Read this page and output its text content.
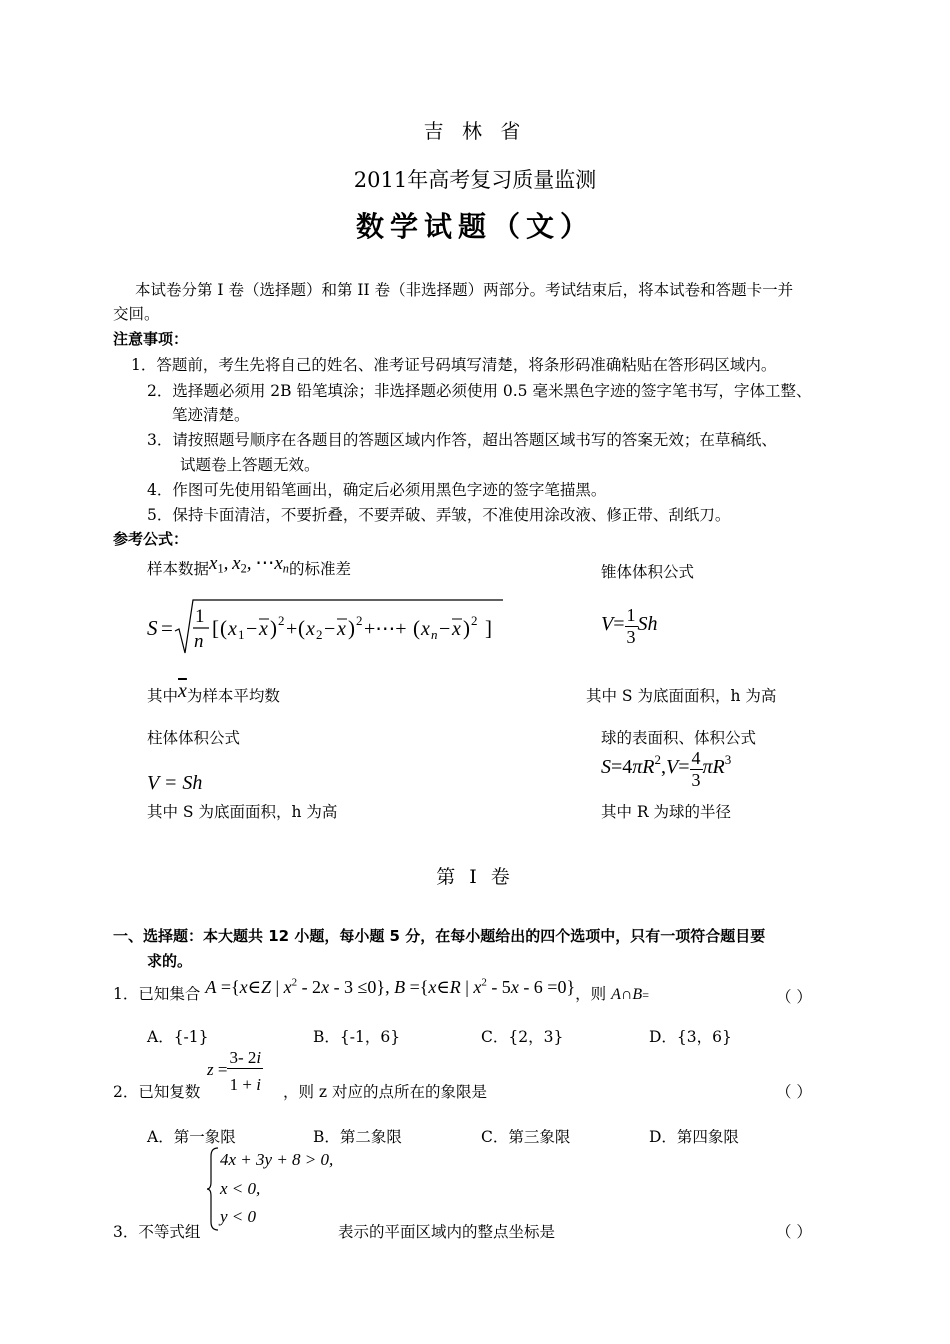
吉 林 省
2011年高考复习质量监测
数学试题（文）
本试卷分第 I 卷（选择题）和第 II 卷（非选择题）两部分。考试结束后，将本试卷和答题卡一并
交回。
注意事项：
1．答题前，考生先将自己的姓名、准考证号码填写清楚，将条形码准确粘贴在答形码区域内。
2．选择题必须用 2B 铅笔填涂；非选择题必须使用 0.5 毫米黑色字迹的签字笔书写，字体工整、
笔迹清楚。
3．请按照题号顺序在各题目的答题区域内作答，超出答题区域书写的答案无效；在草稿纸、
试题卷上答题无效。
4．作图可先使用铅笔画出，确定后必须用黑色字迹的签字笔描黑。
5．保持卡面清洁，不要折叠，不要弄破、弄皱，不准使用涂改液、修正带、刮纸刀。
参考公式：
样本数据$x_1$, $x_2$, $\cdots x_n$的标准差
S = 1
n
[ ( x 1 − x ) 2 + ( x 2 − x ) 2 +⋯+ ( x n − x ) 2 ]
其中$\overline{x}$为样本平均数
锥体体积公式
$V= \frac{1}{3}$ Sh
其中 S 为底面面积，h 为高
柱体体积公式
V = Sh
其中 S 为底面面积，h 为高
球的表面积、体积公式
$S=4\pi R^2,V= \frac{4}{3} \pi R^3$
其中 R 为球的半径
第 I 卷
一、选择题：本大题共 12 小题，每小题 5 分，在每小题给出的四个选项中，只有一项符合题目要
求的。
1．已知集合 A ={x∈Z | $x^2 - 2x - 3 \le 0$}, B ={x∈R | $x^2 - 5x - 6 =0$}，则 A∩B=	（ ）
A．{-1}	B．{-1，6}	C．{2，3}	D．{3，6}
2．已知复数
$z = \frac{3- 2i}{1 + i}$ ，则 z 对应的点所在的象限是	（ ）
A．第一象限	B．第二象限	C．第三象限	D．第四象限
3．不等式组
4x + 3y + 8 > 0,
x < 0,
y < 0
表示的平面区域内的整点坐标是	（ ）
